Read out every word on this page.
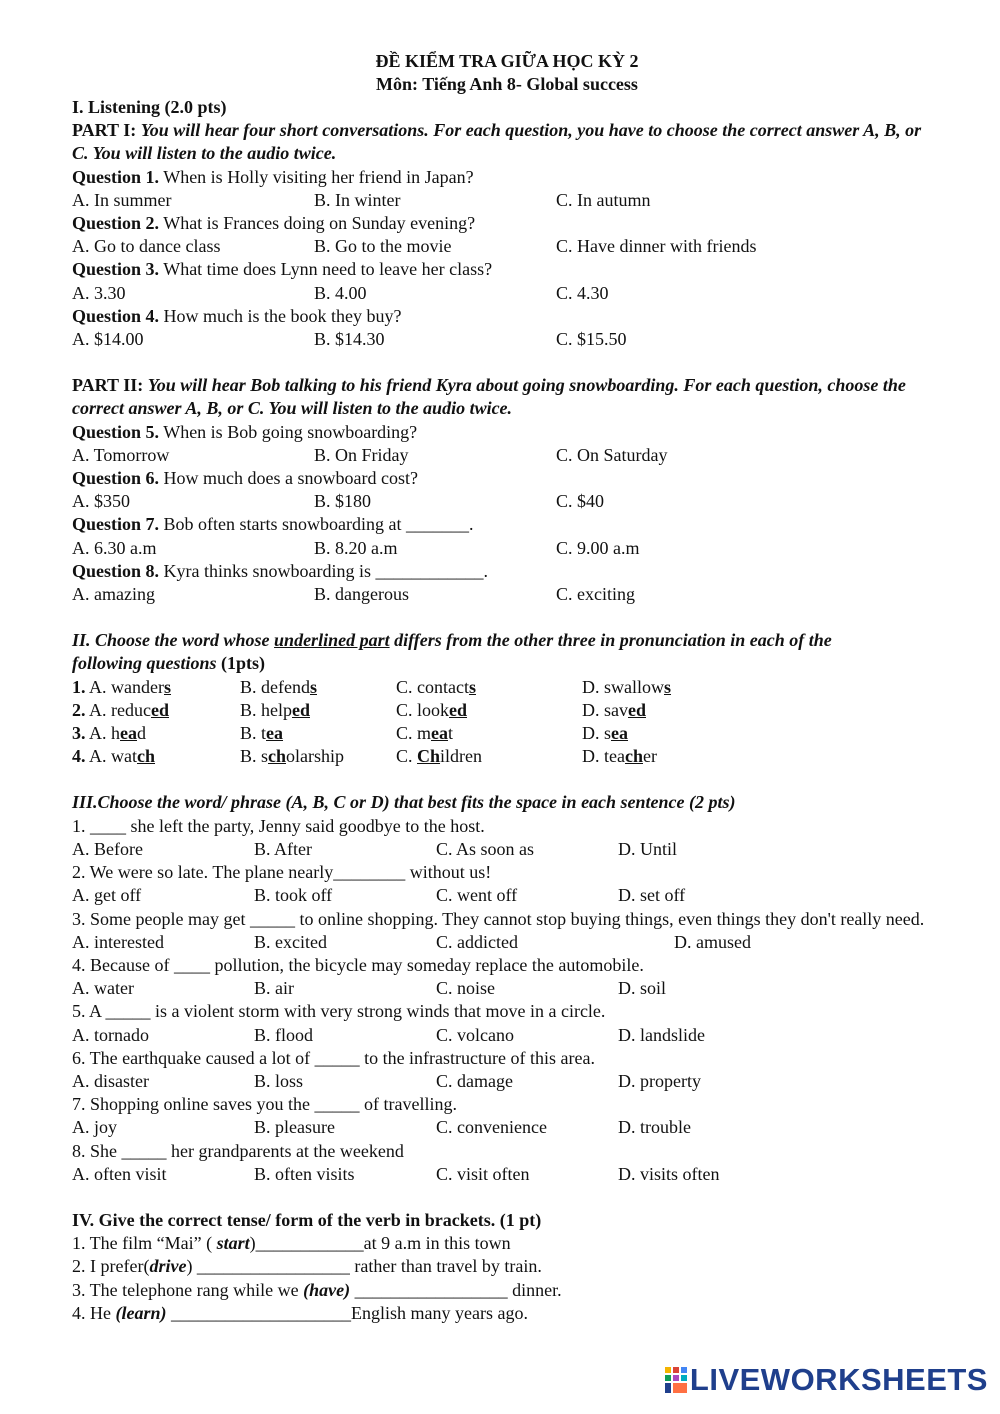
ĐỀ KIỂM TRA GIỮA HỌC KỲ 2
Môn: Tiếng Anh 8- Global success
I. Listening (2.0 pts)
PART I: You will hear four short conversations. For each question, you have to choose the correct answer A, B, or C. You will listen to the audio twice.
Question 1. When is Holly visiting her friend in Japan?
A. In summer	B. In winter	C. In autumn
Question 2. What is Frances doing on Sunday evening?
A. Go to dance class	B. Go to the movie	C. Have dinner with friends
Question 3. What time does Lynn need to leave her class?
A. 3.30	B. 4.00	C. 4.30
Question 4. How much is the book they buy?
A. $14.00	B. $14.30	C. $15.50
PART II: You will hear Bob talking to his friend Kyra about going snowboarding. For each question, choose the correct answer A, B, or C. You will listen to the audio twice.
Question 5. When is Bob going snowboarding?
A. Tomorrow	B. On Friday	C. On Saturday
Question 6. How much does a snowboard cost?
A. $350	B. $180	C. $40
Question 7. Bob often starts snowboarding at _______.
A. 6.30 a.m	B. 8.20 a.m	C. 9.00 a.m
Question 8. Kyra thinks snowboarding is ____________.
A. amazing	B. dangerous	C. exciting
II. Choose the word whose underlined part differs from the other three in pronunciation in each of the
following questions (1pts)
1. A. wanders	B. defends	C. contacts	D. swallows
2. A. reduced	B. helped	C. looked	D. saved
3. A. head	B. tea	C. meat	D. sea
4. A. watch	B. scholarship	C. Children	D. teacher
III.Choose the word/ phrase (A, B, C or D) that best fits the space in each sentence (2 pts)
1. ____ she left the party, Jenny said goodbye to the host.
A. Before	B. After	C. As soon as	D. Until
2. We were so late. The plane nearly________ without us!
A. get off	B. took off	C. went off	D. set off
3. Some people may get _____ to online shopping. They cannot stop buying things, even things they don't really need.
A. interested	B. excited	C. addicted	D. amused
4. Because of ____ pollution, the bicycle may someday replace the automobile.
A. water	B. air	C. noise	D. soil
5. A _____ is a violent storm with very strong winds that move in a circle.
A. tornado	B. flood	C. volcano	D. landslide
6. The earthquake caused a lot of _____ to the infrastructure of this area.
A. disaster	B. loss	C. damage	D. property
7. Shopping online saves you the _____ of travelling.
A. joy	B. pleasure	C. convenience	D. trouble
8. She _____ her grandparents at the weekend
A. often visit	B. often visits	C. visit often	D. visits often
IV. Give the correct tense/ form of the verb in brackets. (1 pt)
1. The film “Mai” ( start)____________at 9 a.m in this town
2. I prefer(drive) _________________ rather than travel by train.
3. The telephone rang while we (have) _________________ dinner.
4. He (learn) ____________________English many years ago.
LIVEWORKSHEETS
